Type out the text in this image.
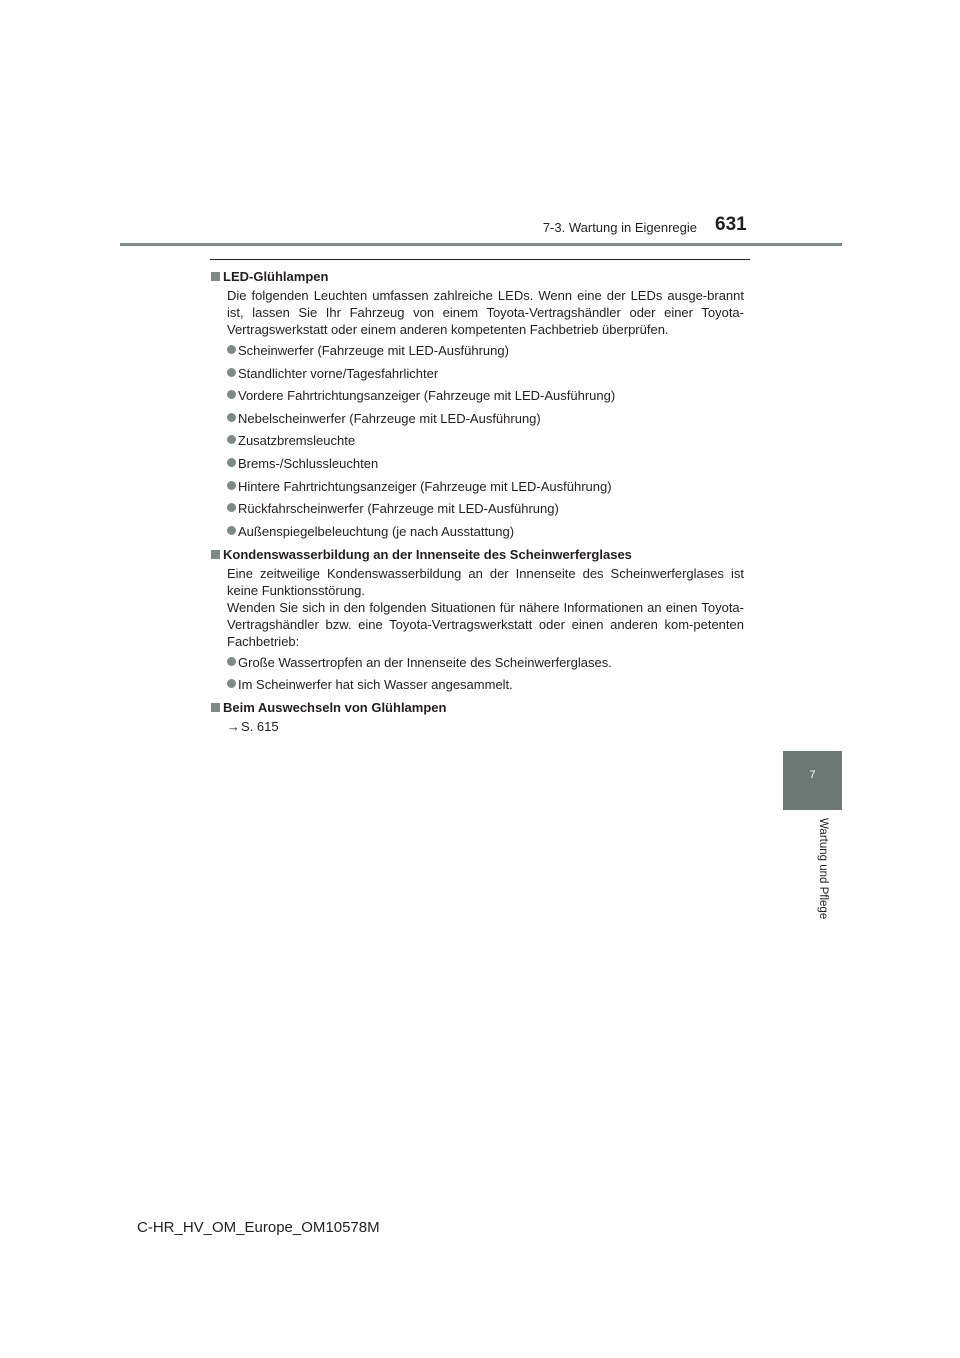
7-3. Wartung in Eigenregie 631
LED-Glühlampen
Die folgenden Leuchten umfassen zahlreiche LEDs. Wenn eine der LEDs ausge-brannt ist, lassen Sie Ihr Fahrzeug von einem Toyota-Vertragshändler oder einer Toyota-Vertragswerkstatt oder einem anderen kompetenten Fachbetrieb überprüfen.
Scheinwerfer (Fahrzeuge mit LED-Ausführung)
Standlichter vorne/Tagesfahrlichter
Vordere Fahrtrichtungsanzeiger (Fahrzeuge mit LED-Ausführung)
Nebelscheinwerfer (Fahrzeuge mit LED-Ausführung)
Zusatzbremsleuchte
Brems-/Schlussleuchten
Hintere Fahrtrichtungsanzeiger (Fahrzeuge mit LED-Ausführung)
Rückfahrscheinwerfer (Fahrzeuge mit LED-Ausführung)
Außenspiegelbeleuchtung (je nach Ausstattung)
Kondenswasserbildung an der Innenseite des Scheinwerferglases
Eine zeitweilige Kondenswasserbildung an der Innenseite des Scheinwerferglases ist keine Funktionsstörung.
Wenden Sie sich in den folgenden Situationen für nähere Informationen an einen Toyota-Vertragshändler bzw. eine Toyota-Vertragswerkstatt oder einen anderen kom-petenten Fachbetrieb:
Große Wassertropfen an der Innenseite des Scheinwerferglases.
Im Scheinwerfer hat sich Wasser angesammelt.
Beim Auswechseln von Glühlampen
→S. 615
7
Wartung und Pflege
C-HR_HV_OM_Europe_OM10578M
